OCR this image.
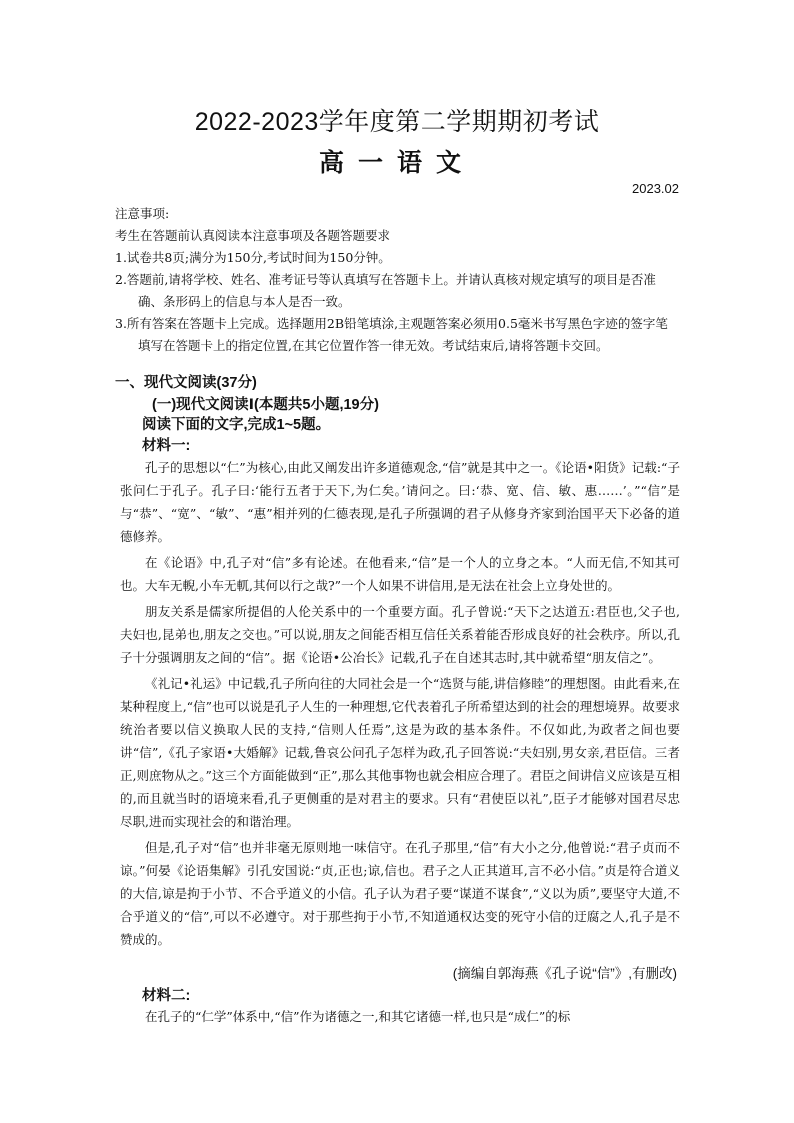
2022-2023学年度第二学期期初考试
高一语文
2023.02

注意事项:

考生在答题前认真阅读本注意事项及各题答题要求

1.试卷共8页;满分为150分,考试时间为150分钟。

2.答题前,请将学校、姓名、准考证号等认真填写在答题卡上。并请认真核对规定填写的项目是否准确、条形码上的信息与本人是否一致。

3.所有答案在答题卡上完成。选择题用2B铅笔填涂,主观题答案必须用0.5毫米书写黑色字迹的签字笔填写在答题卡上的指定位置,在其它位置作答一律无效。考试结束后,请将答题卡交回。

一、现代文阅读(37分)
(一)现代文阅读Ⅰ(本题共5小题,19分)
阅读下面的文字,完成1~5题。
材料一:

孔子的思想以“仁”为核心,由此又阐发出许多道德观念,“信”就是其中之一。《论语•阳货》记载:“子张问仁于孔子。孔子曰:‘能行五者于天下,为仁矣。’请问之。曰:‘恭、宽、信、敏、惠……’。”“信”是与“恭”、“宽”、“敏”、“惠”相并列的仁德表现,是孔子所强调的君子从修身齐家到治国平天下必备的道德修养。

在《论语》中,孔子对“信”多有论述。在他看来,“信”是一个人的立身之本。“人而无信,不知其可也。大车无輗,小车无軏,其何以行之哉?”一个人如果不讲信用,是无法在社会上立身处世的。

朋友关系是儒家所提倡的人伦关系中的一个重要方面。孔子曾说:“天下之达道五:君臣也,父子也,夫妇也,昆弟也,朋友之交也。”可以说,朋友之间能否相互信任关系着能否形成良好的社会秩序。所以,孔子十分强调朋友之间的“信”。据《论语•公冶长》记载,孔子在自述其志时,其中就希望“朋友信之”。

《礼记•礼运》中记载,孔子所向往的大同社会是一个“选贤与能,讲信修睦”的理想图。由此看来,在某种程度上,“信”也可以说是孔子人生的一种理想,它代表着孔子所希望达到的社会的理想境界。故要求统治者要以信义换取人民的支持,“信则人任焉”,这是为政的基本条件。不仅如此,为政者之间也要讲“信”,《孔子家语•大婚解》记载,鲁哀公问孔子怎样为政,孔子回答说:“夫妇别,男女亲,君臣信。三者正,则庶物从之。”这三个方面能做到“正”,那么其他事物也就会相应合理了。君臣之间讲信义应该是互相的,而且就当时的语境来看,孔子更侧重的是对君主的要求。只有“君使臣以礼”,臣子才能够对国君尽忠尽职,进而实现社会的和谐治理。

但是,孔子对“信”也并非毫无原则地一味信守。在孔子那里,“信”有大小之分,他曾说:“君子贞而不谅。”何晏《论语集解》引孔安国说:“贞,正也;谅,信也。君子之人正其道耳,言不必小信。”贞是符合道义的大信,谅是拘于小节、不合乎道义的小信。孔子认为君子要“谋道不谋食”,“义以为质”,要坚守大道,不合乎道义的“信”,可以不必遵守。对于那些拘于小节,不知道通权达变的死守小信的迂腐之人,孔子是不赞成的。

(摘编自郭海燕《孔子说“信”》,有删改)
材料二:

在孔子的“仁学”体系中,“信”作为诸德之一,和其它诸德一样,也只是“成仁”的标
